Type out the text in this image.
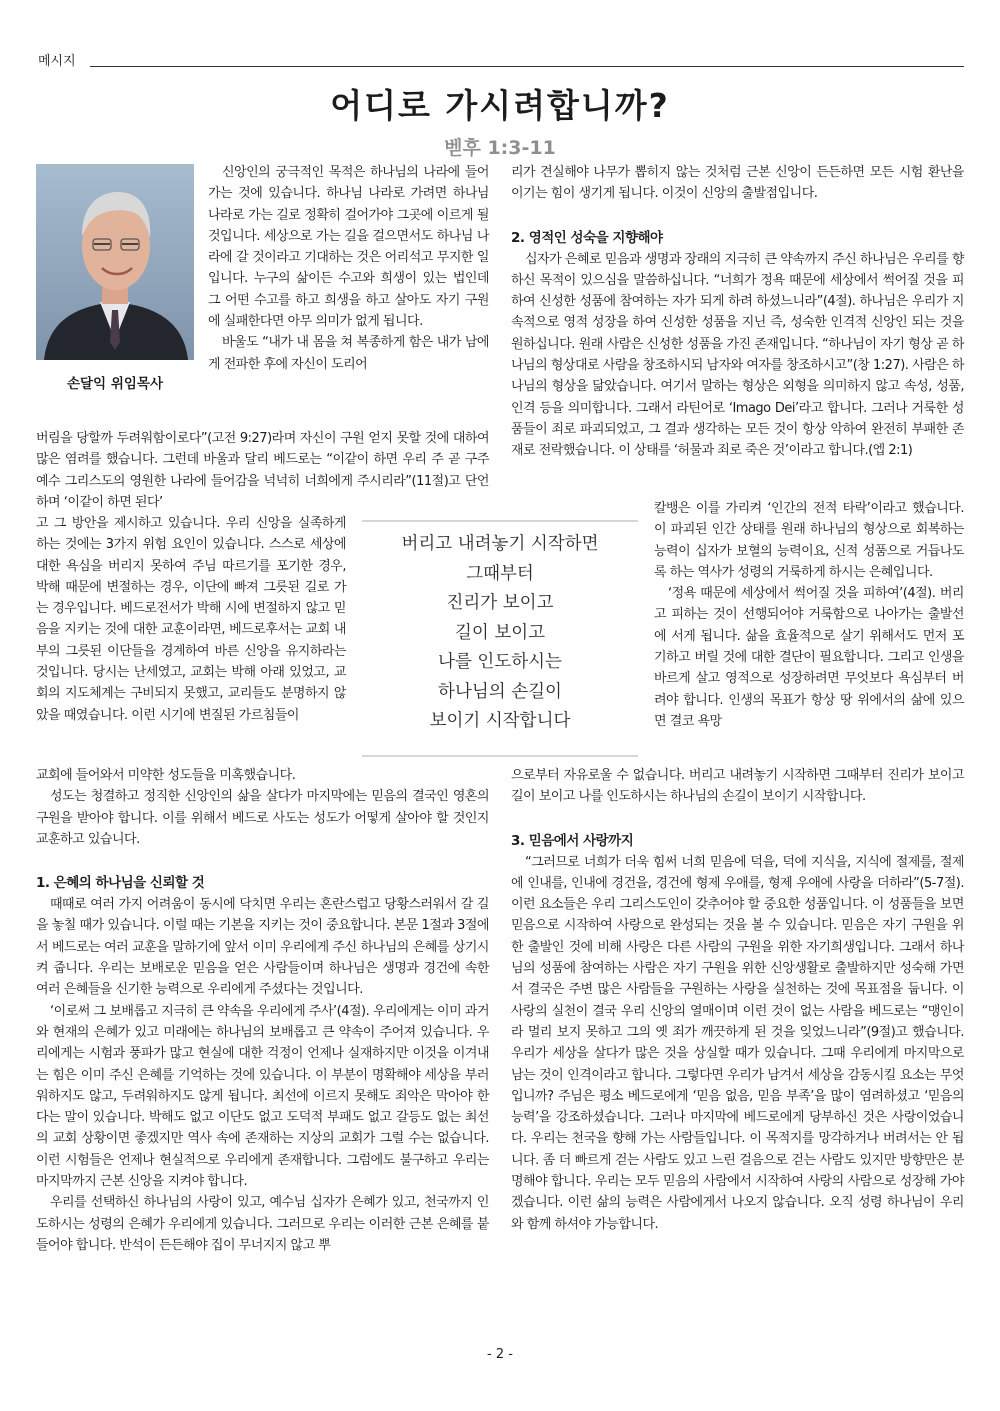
메시지
어디로 가시려합니까?
벧후 1:3-11
손달익 위임목사

신앙인의 궁극적인 목적은 하나님의 나라에 들어가는 것에 있습니다. 하나님 나라로 가려면 하나님 나라로 가는 길로 정확히 걸어가야 그곳에 이르게 될 것입니다. 세상으로 가는 길을 걸으면서도 하나님 나라에 갈 것이라고 기대하는 것은 어리석고 무지한 일입니다. 누구의 삶이든 수고와 희생이 있는 법인데 그 어떤 수고를 하고 희생을 하고 살아도 자기 구원에 실패한다면 아무 의미가 없게 됩니다.

바울도 “내가 내 몸을 쳐 복종하게 함은 내가 남에게 전파한 후에 자신이 도리어

버림을 당할까 두려워함이로다”(고전 9:27)라며 자신이 구원 얻지 못할 것에 대하여 많은 염려를 했습니다. 그런데 바울과 달리 베드로는 “이같이 하면 우리 주 곧 구주 예수 그리스도의 영원한 나라에 들어감을 넉넉히 너희에게 주시리라”(11절)고 단언하며 ‘이같이 하면 된다’

고 그 방안을 제시하고 있습니다. 우리 신앙을 실족하게 하는 것에는 3가지 위험 요인이 있습니다. 스스로 세상에 대한 욕심을 버리지 못하여 주님 따르기를 포기한 경우, 박해 때문에 변절하는 경우, 이단에 빠져 그릇된 길로 가는 경우입니다. 베드로전서가 박해 시에 변절하지 않고 믿음을 지키는 것에 대한 교훈이라면, 베드로후서는 교회 내부의 그릇된 이단들을 경계하여 바른 신앙을 유지하라는 것입니다. 당시는 난세였고, 교회는 박해 아래 있었고, 교회의 지도체계는 구비되지 못했고, 교리들도 분명하지 않았을 때였습니다. 이런 시기에 변질된 가르침들이

교회에 들어와서 미약한 성도들을 미혹했습니다.

성도는 청결하고 정직한 신앙인의 삶을 살다가 마지막에는 믿음의 결국인 영혼의 구원을 받아야 합니다. 이를 위해서 베드로 사도는 성도가 어떻게 살아야 할 것인지 교훈하고 있습니다.

1. 은혜의 하나님을 신뢰할 것

때때로 여러 가지 어려움이 동시에 닥치면 우리는 혼란스럽고 당황스러워서 갈 길을 놓칠 때가 있습니다. 이럴 때는 기본을 지키는 것이 중요합니다. 본문 1절과 3절에서 베드로는 여러 교훈을 말하기에 앞서 이미 우리에게 주신 하나님의 은혜를 상기시켜 줍니다. 우리는 보배로운 믿음을 얻은 사람들이며 하나님은 생명과 경건에 속한 여러 은혜들을 신기한 능력으로 우리에게 주셨다는 것입니다.

‘이로써 그 보배롭고 지극히 큰 약속을 우리에게 주사’(4절). 우리에게는 이미 과거와 현재의 은혜가 있고 미래에는 하나님의 보배롭고 큰 약속이 주어져 있습니다. 우리에게는 시험과 풍파가 많고 현실에 대한 걱정이 언제나 실재하지만 이것을 이겨내는 힘은 이미 주신 은혜를 기억하는 것에 있습니다. 이 부분이 명확해야 세상을 부러워하지도 않고, 두려워하지도 않게 됩니다. 최선에 이르지 못해도 죄악은 막아야 한다는 말이 있습니다. 박해도 없고 이단도 없고 도덕적 부패도 없고 갈등도 없는 최선의 교회 상황이면 좋겠지만 역사 속에 존재하는 지상의 교회가 그럴 수는 없습니다. 이런 시험들은 언제나 현실적으로 우리에게 존재합니다. 그럼에도 불구하고 우리는 마지막까지 근본 신앙을 지켜야 합니다.

우리를 선택하신 하나님의 사랑이 있고, 예수님 십자가 은혜가 있고, 천국까지 인도하시는 성령의 은혜가 우리에게 있습니다. 그러므로 우리는 이러한 근본 은혜를 붙들어야 합니다. 반석이 든든해야 집이 무너지지 않고 뿌

리가 견실해야 나무가 뽑히지 않는 것처럼 근본 신앙이 든든하면 모든 시험 환난을 이기는 힘이 생기게 됩니다. 이것이 신앙의 출발점입니다.

2. 영적인 성숙을 지향해야

십자가 은혜로 믿음과 생명과 장래의 지극히 큰 약속까지 주신 하나님은 우리를 향하신 목적이 있으심을 말씀하십니다. “너희가 정욕 때문에 세상에서 썩어질 것을 피하여 신성한 성품에 참여하는 자가 되게 하려 하셨느니라”(4절). 하나님은 우리가 지속적으로 영적 성장을 하여 신성한 성품을 지닌 즉, 성숙한 인격적 신앙인 되는 것을 원하십니다. 원래 사람은 신성한 성품을 가진 존재입니다. “하나님이 자기 형상 곧 하나님의 형상대로 사람을 창조하시되 남자와 여자를 창조하시고”(창 1:27). 사람은 하나님의 형상을 닮았습니다. 여기서 말하는 형상은 외형을 의미하지 않고 속성, 성품, 인격 등을 의미합니다. 그래서 라틴어로 ‘Imago Dei’라고 합니다. 그러나 거룩한 성품들이 죄로 파괴되었고, 그 결과 생각하는 모든 것이 항상 악하여 완전히 부패한 존재로 전락했습니다. 이 상태를 ‘허물과 죄로 죽은 것’이라고 합니다.(엡 2:1)

칼뱅은 이를 가리켜 ‘인간의 전적 타락’이라고 했습니다. 이 파괴된 인간 상태를 원래 하나님의 형상으로 회복하는 능력이 십자가 보혈의 능력이요, 신적 성품으로 거듭나도록 하는 역사가 성령의 거룩하게 하시는 은혜입니다.

‘정욕 때문에 세상에서 썩어질 것을 피하여’(4절). 버리고 피하는 것이 선행되어야 거룩함으로 나아가는 출발선에 서게 됩니다. 삶을 효율적으로 살기 위해서도 먼저 포기하고 버릴 것에 대한 결단이 필요합니다. 그리고 인생을 바르게 살고 영적으로 성장하려면 무엇보다 욕심부터 버려야 합니다. 인생의 목표가 항상 땅 위에서의 삶에 있으면 결코 욕망

으로부터 자유로울 수 없습니다. 버리고 내려놓기 시작하면 그때부터 진리가 보이고 길이 보이고 나를 인도하시는 하나님의 손길이 보이기 시작합니다.

3. 믿음에서 사랑까지

“그러므로 너희가 더욱 힘써 너희 믿음에 덕을, 덕에 지식을, 지식에 절제를, 절제에 인내를, 인내에 경건을, 경건에 형제 우애를, 형제 우애에 사랑을 더하라”(5-7절). 이런 요소들은 우리 그리스도인이 갖추어야 할 중요한 성품입니다. 이 성품들을 보면 믿음으로 시작하여 사랑으로 완성되는 것을 볼 수 있습니다. 믿음은 자기 구원을 위한 출발인 것에 비해 사랑은 다른 사람의 구원을 위한 자기희생입니다. 그래서 하나님의 성품에 참여하는 사람은 자기 구원을 위한 신앙생활로 출발하지만 성숙해 가면서 결국은 주변 많은 사람들을 구원하는 사랑을 실천하는 것에 목표점을 둡니다. 이 사랑의 실천이 결국 우리 신앙의 열매이며 이런 것이 없는 사람을 베드로는 “맹인이라 멀리 보지 못하고 그의 옛 죄가 깨끗하게 된 것을 잊었느니라”(9절)고 했습니다. 우리가 세상을 살다가 많은 것을 상실할 때가 있습니다. 그때 우리에게 마지막으로 남는 것이 인격이라고 합니다. 그렇다면 우리가 남겨서 세상을 감동시킬 요소는 무엇입니까? 주님은 평소 베드로에게 ‘믿음 없음, 믿음 부족’을 많이 염려하셨고 ‘믿음의 능력’을 강조하셨습니다. 그러나 마지막에 베드로에게 당부하신 것은 사랑이었습니다. 우리는 천국을 향해 가는 사람들입니다. 이 목적지를 망각하거나 버려서는 안 됩니다. 좀 더 빠르게 걷는 사람도 있고 느린 걸음으로 걷는 사람도 있지만 방향만은 분명해야 합니다. 우리는 모두 믿음의 사람에서 시작하여 사랑의 사람으로 성장해 가야겠습니다. 이런 삶의 능력은 사람에게서 나오지 않습니다. 오직 성령 하나님이 우리와 함께 하셔야 가능합니다.

버리고 내려놓기 시작하면
그때부터
진리가 보이고
길이 보이고
나를 인도하시는
하나님의 손길이
보이기 시작합니다
- 2 -
